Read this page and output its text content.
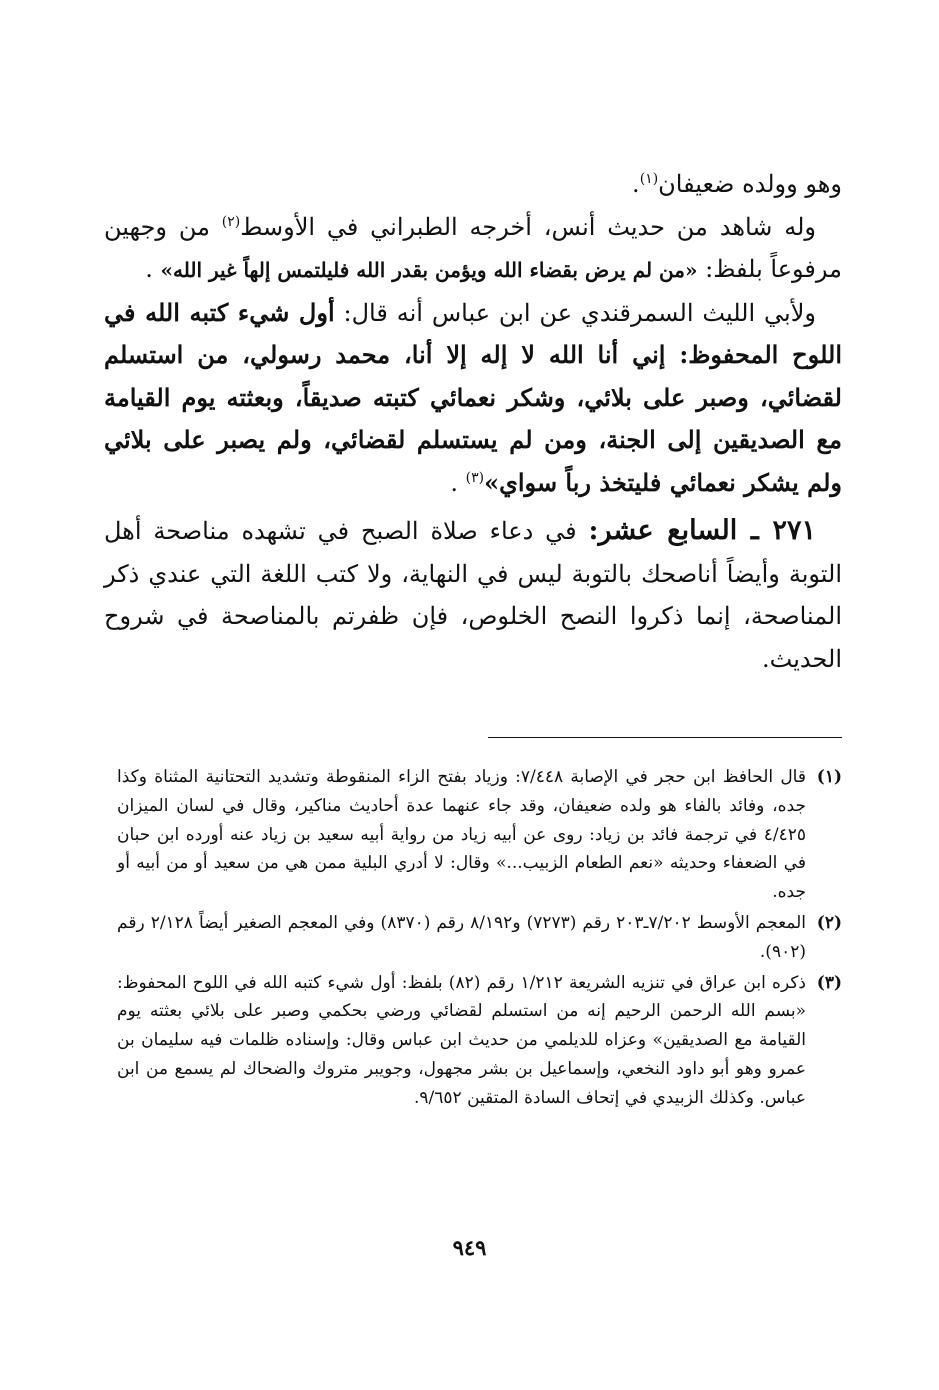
وهو وولده ضعيفان$^{(١)}$.

وله شاهد من حديث أنس، أخرجه الطبراني في الأوسط$^{(٢)}$ من وجهين مرفوعاً بلفظ: «من لم يرض بقضاء الله ويؤمن بقدر الله فليلتمس إلهاً غير الله» .

ولأبي الليث السمرقندي عن ابن عباس أنه قال: أول شيء كتبه الله في اللوح المحفوظ: إني أنا الله لا إله إلا أنا، محمد رسولي، من استسلم لقضائي، وصبر على بلائي، وشكر نعمائي كتبته صديقاً، وبعثته يوم القيامة مع الصديقين إلى الجنة، ومن لم يستسلم لقضائي، ولم يصبر على بلائي ولم يشكر نعمائي فليتخذ رباً سواي»$^{(٣)}$ .

٢٧١ ـ السابع عشر: في دعاء صلاة الصبح في تشهده مناصحة أهل التوبة وأيضاً أناصحك بالتوبة ليس في النهاية، ولا كتب اللغة التي عندي ذكر المناصحة، إنما ذكروا النصح الخلوص، فإن ظفرتم بالمناصحة في شروح الحديث.

(١)
قال الحافظ ابن حجر في الإصابة ٧/٤٤٨: وزياد بفتح الزاء المنقوطة وتشديد التحتانية المثناة وكذا جده، وفائد بالفاء هو ولده ضعيفان، وقد جاء عنهما عدة أحاديث مناكير، وقال في لسان الميزان ٤/٤٢٥ في ترجمة فائد بن زياد: روى عن أبيه زياد من رواية أبيه سعيد بن زياد عنه أورده ابن حبان في الضعفاء وحديثه «نعم الطعام الزبيب...» وقال: لا أدري البلية ممن هي من سعيد أو من أبيه أو جده.
(٢)
المعجم الأوسط ٧/٢٠٢ـ٢٠٣ رقم (٧٢٧٣) و٨/١٩٢ رقم (٨٣٧٠) وفي المعجم الصغير أيضاً ٢/١٢٨ رقم (٩٠٢).
(٣)
ذكره ابن عراق في تنزيه الشريعة ١/٢١٢ رقم (٨٢) بلفظ: أول شيء كتبه الله في اللوح المحفوظ: «بسم الله الرحمن الرحيم إنه من استسلم لقضائي ورضي بحكمي وصبر على بلائي بعثته يوم القيامة مع الصديقين» وعزاه للديلمي من حديث ابن عباس وقال: وإسناده ظلمات فيه سليمان بن عمرو وهو أبو داود النخعي، وإسماعيل بن بشر مجهول، وجويبر متروك والضحاك لم يسمع من ابن عباس. وكذلك الزبيدي في إتحاف السادة المتقين ٩/٦٥٢.
٩٤٩
